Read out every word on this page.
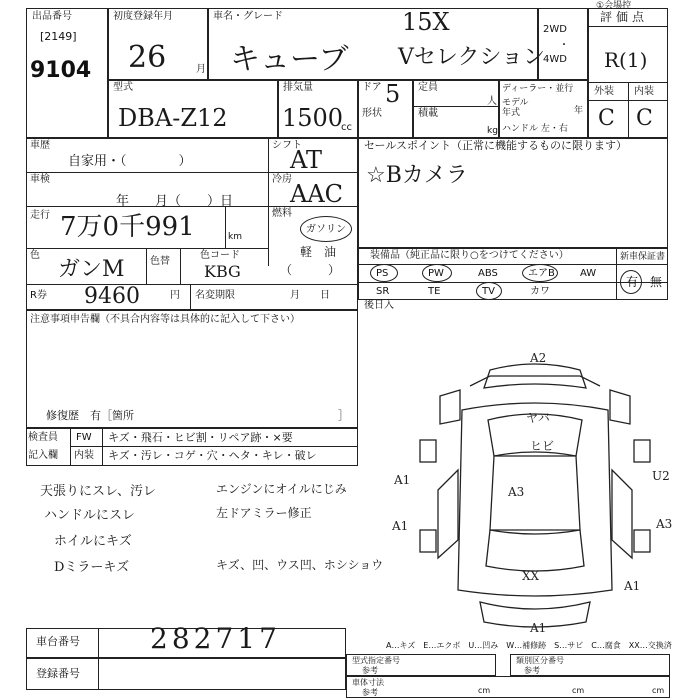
出品番号
[2149]
9104
初度登録年月
26	月
車名・グレード	15X
キューブ Vセレクション
2WD
・
4WD
評価点
R(1)
外装 内装
C C
①会場控
型式
DBA-Z12
排気量
1500
cc
ドア 5
形状
定員
人
積載
kg
ディーラー・並行
モデル
年式	年
ハンドル 左・右
車歴
自家用・（　　　　）
シフト
AT
車検
年　　月（　　）日
冷房
AAC
走行 7万0千991	km
燃料
ガソリン
軽　油
（　　　）
色
ガンM	色替
色コード
KBG
R券 9460	円 名変期限	月　　日
セールスポイント（正常に機能するものに限ります）
☆Bカメラ
装備品（純正品に限り○をつけてください）	新車保証書
PS	PW	ABS	エアB	AW
SR	TE	TV	カワ
有 無
後日入
注意事項申告欄（不具合内容等は具体的に記入して下さい）
修復歴　有［箇所	］
検査員
記入欄
FW キズ・飛石・ヒビ割・リペア跡・×要
内装 キズ・汚レ・コゲ・穴・ヘタ・キレ・破レ
天張りにスレ、汚レ
ハンドルにスレ
ホイルにキズ
Dミラーキズ
エンジンにオイルにじみ
左ドアミラー修正
キズ、凹、ウス凹、ホシショウ
A2
A1
A1
U2
A3
A3
A1
A1
XX
ヤバ
ヒビ
A…キズ　E…エクボ　U…凹み　W…補修跡　S…サビ　C…腐食　XX…交換済
車台番号	282717
登録番号
型式指定番号
参考
類別区分番号
参考
車体寸法
参考	cm	cm	cm
